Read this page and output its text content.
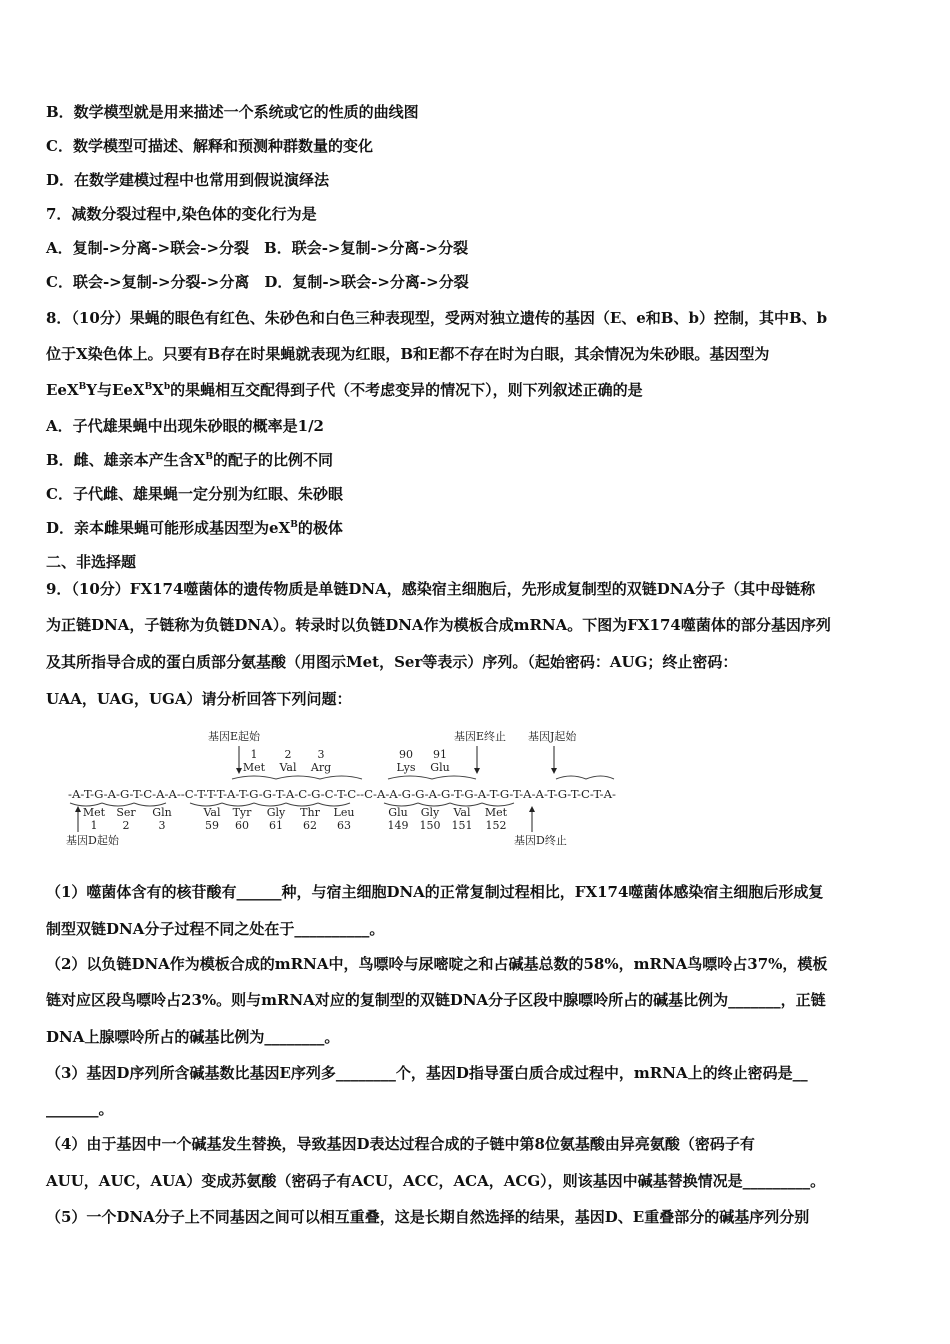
B．数学模型就是用来描述一个系统或它的性质的曲线图
C．数学模型可描述、解释和预测种群数量的变化
D．在数学建模过程中也常用到假说演绎法
7．减数分裂过程中,染色体的变化行为是
A．复制->分离->联会->分裂　B．联会->复制->分离->分裂
C．联会->复制->分裂->分离　D．复制->联会->分离->分裂
8．（10分）果蝇的眼色有红色、朱砂色和白色三种表现型，受两对独立遗传的基因（E、e和B、b）控制，其中B、b
位于X染色体上。只要有B存在时果蝇就表现为红眼，B和E都不存在时为白眼，其余情况为朱砂眼。基因型为
EeX$^B$Y与$EeX^BX^b$的果蝇相互交配得到子代（不考虑变异的情况下），则下列叙述正确的是
A．子代雄果蝇中出现朱砂眼的概率是1/2
B．雌、雄亲本产生含$X^B$的配子的比例不同
C．子代雌、雄果蝇一定分别为红眼、朱砂眼
D．亲本雌果蝇可能形成基因型为$eX^B$的极体
二、非选择题
9．（10分）FX174噬菌体的遗传物质是单链DNA，感染宿主细胞后，先形成复制型的双链DNA分子（其中母链称
为正链DNA，子链称为负链DNA）。转录时以负链DNA作为模板合成mRNA。下图为FX174噬菌体的部分基因序列
及其所指导合成的蛋白质部分氨基酸（用图示Met，Ser等表示）序列。（起始密码：AUG；终止密码：
UAA，UAG，UGA）请分析回答下列问题：
基因E起始	基因E终止 基因J起始
1
Met
2
Val
3
Arg
90
Lys
91
Glu
-A-T-G-A-G-T-C-A-A--C-T-T-T-A-T-G-G-T-A-C-G-C-T-C--C-A-A-G-G-A-G-T-G-A-T-G-T-A-A-T-G-T-C-T-A-
Met
1
Ser
2
Gln
3
Val
59
Tyr
60
Gly
61
Thr
62
Leu
63
Glu
149
Gly
150
Val
151
Met
152
基因D起始	基因D终止
（1）噬菌体含有的核苷酸有______种，与宿主细胞DNA的正常复制过程相比，FX174噬菌体感染宿主细胞后形成复
制型双链DNA分子过程不同之处在于__________。
（2）以负链DNA作为模板合成的mRNA中，鸟嘌呤与尿嘧啶之和占碱基总数的58%，mRNA鸟嘌呤占37%，模板
链对应区段鸟嘌呤占23%。则与mRNA对应的复制型的双链DNA分子区段中腺嘌呤所占的碱基比例为_______，正链
DNA上腺嘌呤所占的碱基比例为________。
（3）基因D序列所含碱基数比基因E序列多________个，基因D指导蛋白质合成过程中，mRNA上的终止密码是__
_______。
（4）由于基因中一个碱基发生替换，导致基因D表达过程合成的子链中第8位氨基酸由异亮氨酸（密码子有
AUU，AUC，AUA）变成苏氨酸（密码子有ACU，ACC，ACA，ACG），则该基因中碱基替换情况是_________。
（5）一个DNA分子上不同基因之间可以相互重叠，这是长期自然选择的结果，基因D、E重叠部分的碱基序列分别
